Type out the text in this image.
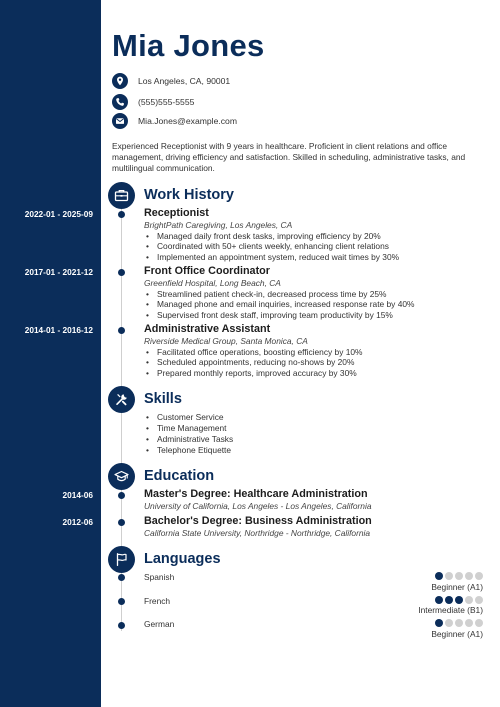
Mia Jones
Los Angeles, CA, 90001
(555)555-5555
Mia.Jones@example.com
Experienced Receptionist with 9 years in healthcare. Proficient in client relations and office management, driving efficiency and satisfaction. Skilled in scheduling, administrative tasks, and multilingual communication.
Work History
2022-01 - 2025-09	Receptionist
BrightPath Caregiving, Los Angeles, CA
• Managed daily front desk tasks, improving efficiency by 20%
• Coordinated with 50+ clients weekly, enhancing client relations
• Implemented an appointment system, reduced wait times by 30%
2017-01 - 2021-12	Front Office Coordinator
Greenfield Hospital, Long Beach, CA
• Streamlined patient check-in, decreased process time by 25%
• Managed phone and email inquiries, increased response rate by 40%
• Supervised front desk staff, improving team productivity by 15%
2014-01 - 2016-12	Administrative Assistant
Riverside Medical Group, Santa Monica, CA
• Facilitated office operations, boosting efficiency by 10%
• Scheduled appointments, reducing no-shows by 20%
• Prepared monthly reports, improved accuracy by 30%
Skills
• Customer Service
• Time Management
• Administrative Tasks
• Telephone Etiquette
Education
2014-06	Master's Degree: Healthcare Administration
University of California, Los Angeles - Los Angeles, California
2012-06	Bachelor's Degree: Business Administration
California State University, Northridge - Northridge, California
Languages
Spanish
Beginner (A1)
French
Intermediate (B1)
German
Beginner (A1)
